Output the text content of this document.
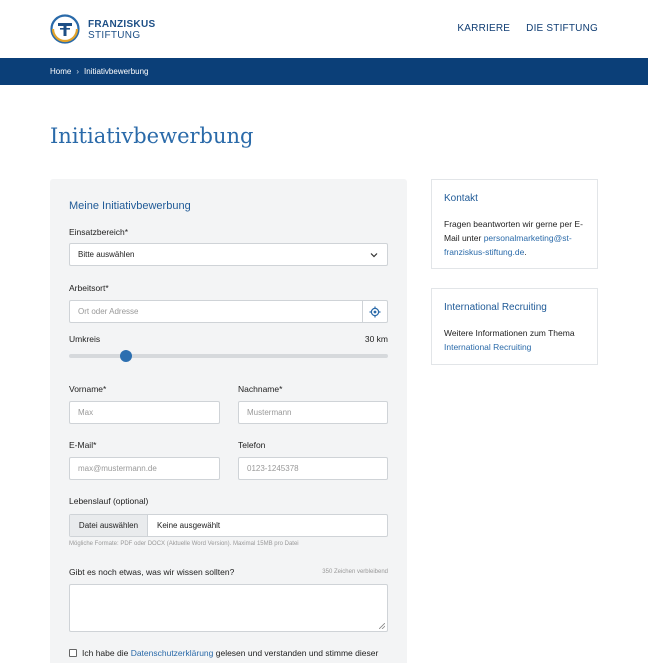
FRANZISKUS
STIFTUNG
KARRIERE DIE STIFTUNG
Home › Initiativbewerbung
Initiativbewerbung
Meine Initiativbewerbung
Einsatzbereich*
Bitte auswählen
Arbeitsort*
Ort oder Adresse
Umkreis	30 km
Vorname*
Max
Nachname*
Mustermann
E-Mail*
max@mustermann.de
Telefon
0123-1245378
Lebenslauf (optional)
Datei auswählen	Keine ausgewählt
Mögliche Formate: PDF oder DOCX (Aktuelle Word Version). Maximal 15MB pro Datei
Gibt es noch etwas, was wir wissen sollten?	350 Zeichen verbleibend
Ich habe die Datenschutzerklärung gelesen und verstanden und stimme dieser
Kontakt
Fragen beantworten wir gerne per E-Mail unter personalmarketing@st-franziskus-stiftung.de.
International Recruiting
Weitere Informationen zum Thema International Recruiting
